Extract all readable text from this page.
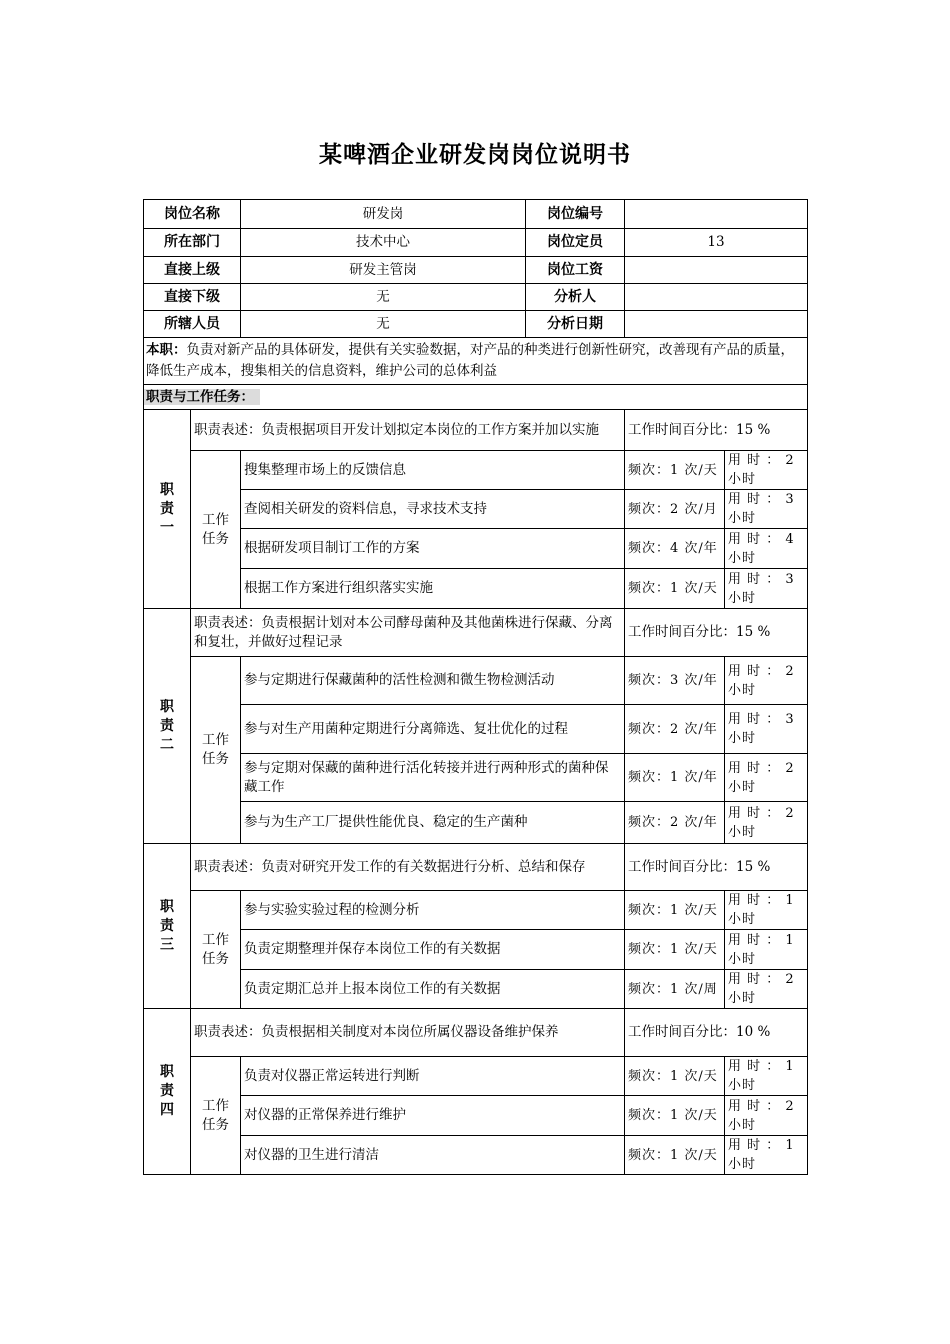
某啤酒企业研发岗岗位说明书
岗位名称		研发岗	岗位编号		
所在部门		技术中心	岗位定员	13	
直接上级		研发主管岗	岗位工资		
直接下级		无	分析人		
所辖人员		无	分析日期		
本职：负责对新产品的具体研发，提供有关实验数据，对产品的种类进行创新性研究，改善现有产品的质量，降低生产成本，搜集相关的信息资料，维护公司的总体利益					
职责与工作任务：					
职责一	职责表述：负责根据项目开发计划拟定本岗位的工作方案并加以实施			工作时间百分比：15 %	
	工作任务	搜集整理市场上的反馈信息		频次：1 次/天	用 时 ： 2 小时
		查阅相关研发的资料信息，寻求技术支持		频次：2 次/月	用 时 ： 3 小时
		根据研发项目制订工作的方案		频次：4 次/年	用 时 ： 4 小时
		根据工作方案进行组织落实实施		频次：1 次/天	用 时 ： 3 小时
职责二	职责表述：负责根据计划对本公司酵母菌种及其他菌株进行保藏、分离和复壮，并做好过程记录			工作时间百分比：15 %	
	工作任务	参与定期进行保藏菌种的活性检测和微生物检测活动		频次：3 次/年	用 时 ： 2 小时
		参与对生产用菌种定期进行分离筛选、复壮优化的过程		频次：2 次/年	用 时 ： 3 小时
		参与定期对保藏的菌种进行活化转接并进行两种形式的菌种保藏工作		频次：1 次/年	用 时 ： 2 小时
		参与为生产工厂提供性能优良、稳定的生产菌种		频次：2 次/年	用 时 ： 2 小时
职责三	职责表述：负责对研究开发工作的有关数据进行分析、总结和保存			工作时间百分比：15 %	
	工作任务	参与实验实验过程的检测分析		频次：1 次/天	用 时 ： 1 小时
		负责定期整理并保存本岗位工作的有关数据		频次：1 次/天	用 时 ： 1 小时
		负责定期汇总并上报本岗位工作的有关数据		频次：1 次/周	用 时 ： 2 小时
职责四	职责表述：负责根据相关制度对本岗位所属仪器设备维护保养			工作时间百分比：10 %	
	工作任务	负责对仪器正常运转进行判断		频次：1 次/天	用 时 ： 1 小时
		对仪器的正常保养进行维护		频次：1 次/天	用 时 ： 2 小时
		对仪器的卫生进行清洁		频次：1 次/天	用 时 ： 1 小时
